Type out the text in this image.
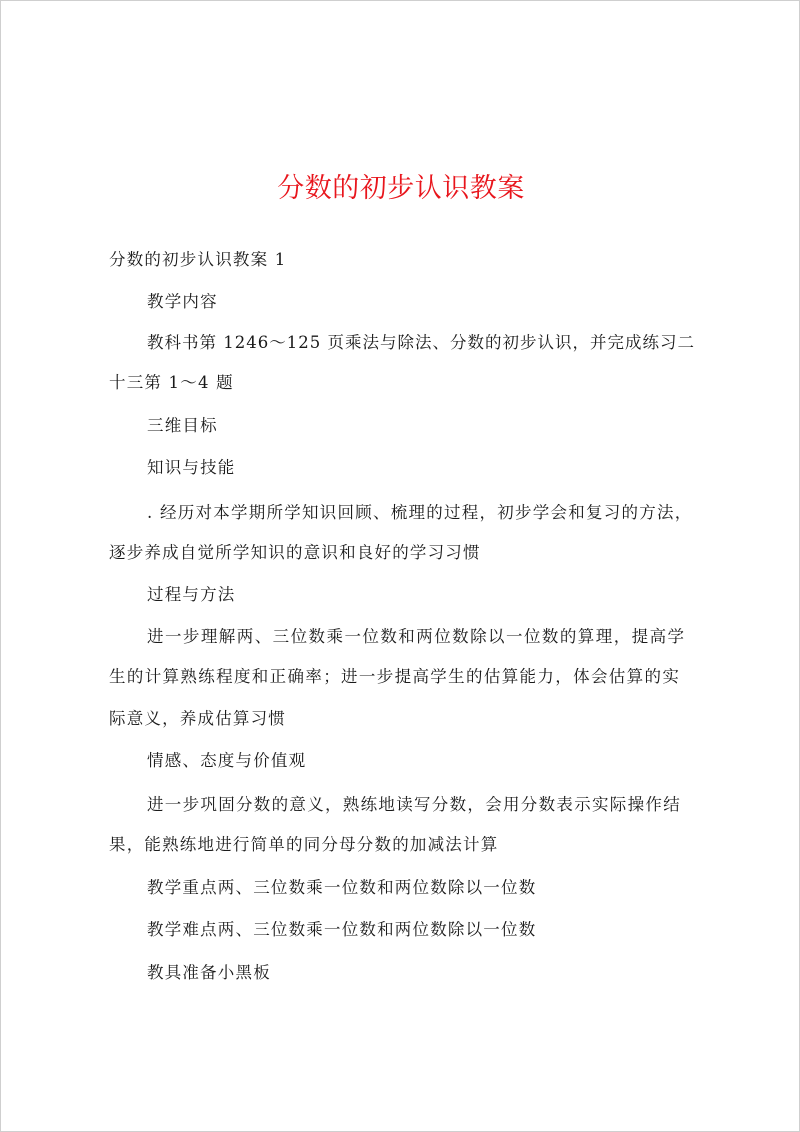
分数的初步认识教案

分数的初步认识教案 1

教学内容

教科书第 1246～125 页乘法与除法、分数的初步认识，并完成练习二

十三第 1～4 题

三维目标

知识与技能

. 经历对本学期所学知识回顾、梳理的过程，初步学会和复习的方法，

逐步养成自觉所学知识的意识和良好的学习习惯

过程与方法

进一步理解两、三位数乘一位数和两位数除以一位数的算理，提高学

生的计算熟练程度和正确率；进一步提高学生的估算能力，体会估算的实

际意义，养成估算习惯

情感、态度与价值观

进一步巩固分数的意义，熟练地读写分数，会用分数表示实际操作结

果，能熟练地进行简单的同分母分数的加减法计算

教学重点两、三位数乘一位数和两位数除以一位数

教学难点两、三位数乘一位数和两位数除以一位数

教具准备小黑板
